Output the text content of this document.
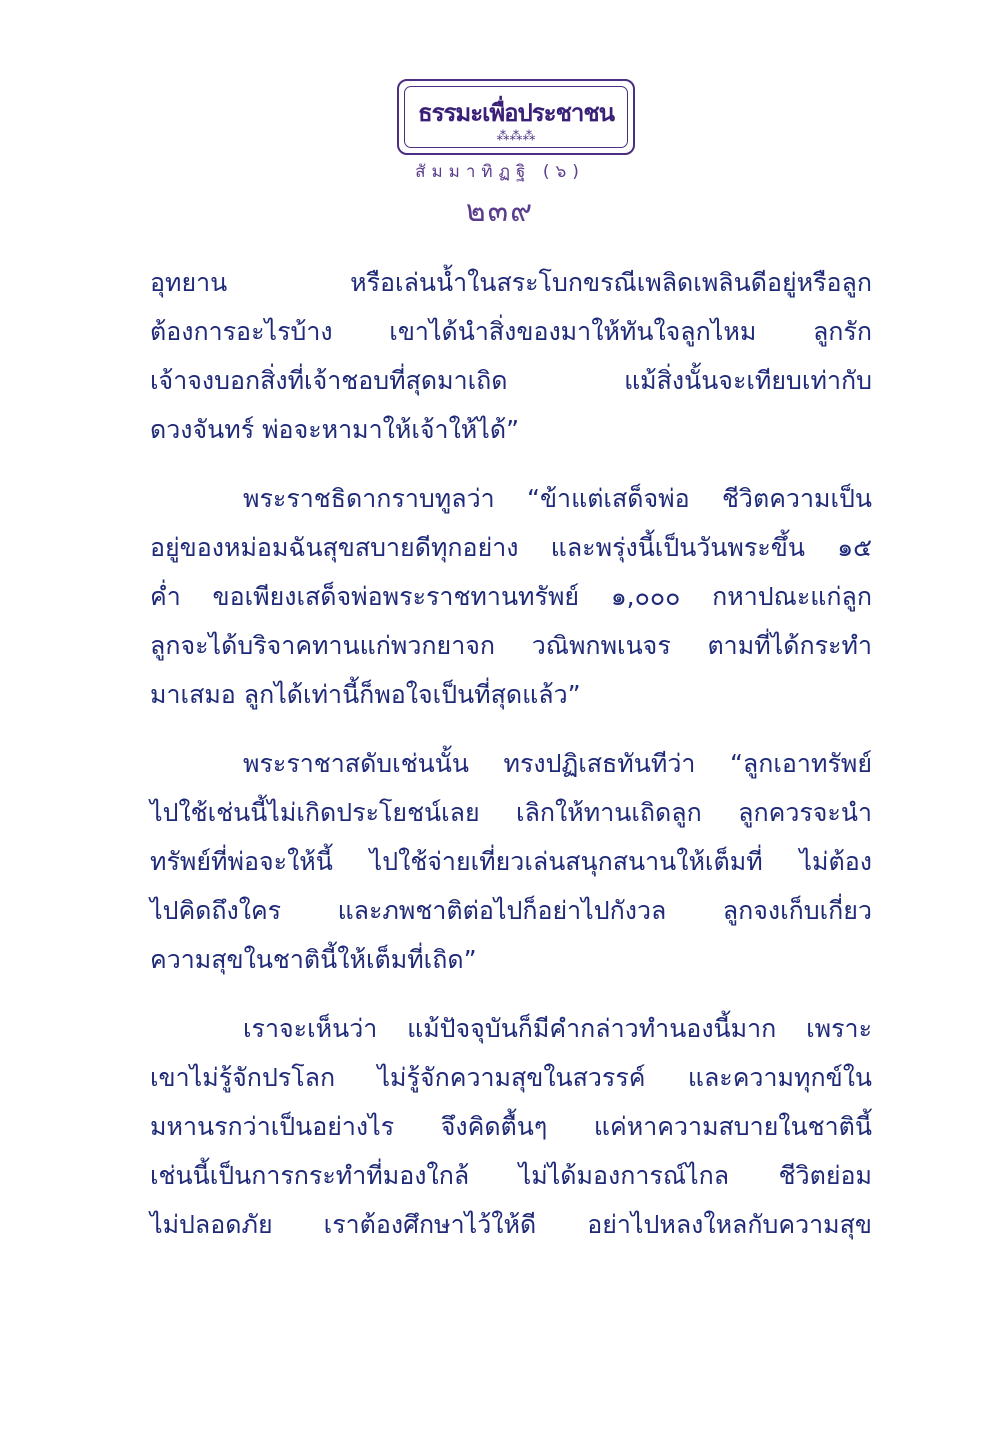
ธรรมะเพื่อประชาชน
⁂⁂⁂
สัมมาทิฏฐิ (๖)
๒๓๙
อุทยาน หรือเล่นน้ำในสระโบกขรณีเพลิดเพลินดีอยู่หรือลูก
ต้องการอะไรบ้าง เขาได้นำสิ่งของมาให้ทันใจลูกไหม ลูกรัก
เจ้าจงบอกสิ่งที่เจ้าชอบที่สุดมาเถิด แม้สิ่งนั้นจะเทียบเท่ากับ
ดวงจันทร์ พ่อจะหามาให้เจ้าให้ได้”
พระราชธิดากราบทูลว่า “ข้าแต่เสด็จพ่อ ชีวิตความเป็น
อยู่ของหม่อมฉันสุขสบายดีทุกอย่าง และพรุ่งนี้เป็นวันพระขึ้น ๑๕
ค่ำ ขอเพียงเสด็จพ่อพระราชทานทรัพย์ ๑,๐๐๐ กหาปณะแก่ลูก
ลูกจะได้บริจาคทานแก่พวกยาจก วณิพกพเนจร ตามที่ได้กระทำ
มาเสมอ ลูกได้เท่านี้ก็พอใจเป็นที่สุดแล้ว”
พระราชาสดับเช่นนั้น ทรงปฏิเสธทันทีว่า “ลูกเอาทรัพย์
ไปใช้เช่นนี้ไม่เกิดประโยชน์เลย เลิกให้ทานเถิดลูก ลูกควรจะนำ
ทรัพย์ที่พ่อจะให้นี้ ไปใช้จ่ายเที่ยวเล่นสนุกสนานให้เต็มที่ ไม่ต้อง
ไปคิดถึงใคร และภพชาติต่อไปก็อย่าไปกังวล ลูกจงเก็บเกี่ยว
ความสุขในชาตินี้ให้เต็มที่เถิด”
เราจะเห็นว่า แม้ปัจจุบันก็มีคำกล่าวทำนองนี้มาก เพราะ
เขาไม่รู้จักปรโลก ไม่รู้จักความสุขในสวรรค์ และความทุกข์ใน
มหานรกว่าเป็นอย่างไร จึงคิดตื้นๆ แค่หาความสบายในชาตินี้
เช่นนี้เป็นการกระทำที่มองใกล้ ไม่ได้มองการณ์ไกล ชีวิตย่อม
ไม่ปลอดภัย เราต้องศึกษาไว้ให้ดี อย่าไปหลงใหลกับความสุข
